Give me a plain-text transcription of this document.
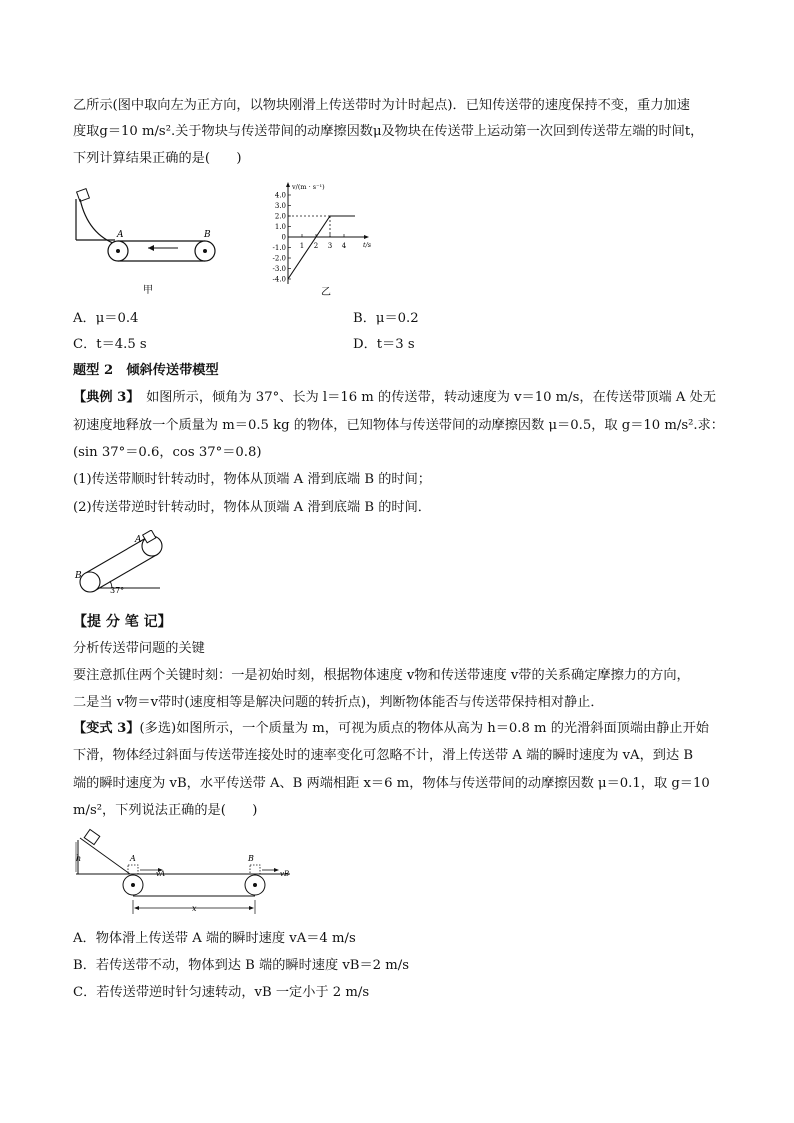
乙所示(图中取向左为正方向，以物块刚滑上传送带时为计时起点)．已知传送带的速度保持不变，重力加速
度取g＝10 m/s².关于物块与传送带间的动摩擦因数μ及物块在传送带上运动第一次回到传送带左端的时间t，
下列计算结果正确的是(　　)
A	B
甲
v/(m · s⁻¹)
t/s
4.0
3.0
2.0
1.0
0
-1.0
-2.0
-3.0
-4.0
1 2 3 4
乙
A．μ＝0.4	B．μ＝0.2
C．t＝4.5 s	D．t＝3 s
题型 2　倾斜传送带模型
【典例 3】　如图所示，倾角为 37°、长为 l＝16 m 的传送带，转动速度为 v＝10 m/s，在传送带顶端 A 处无
初速度地释放一个质量为 m＝0.5 kg 的物体，已知物体与传送带间的动摩擦因数 μ＝0.5，取 g＝10 m/s².求：
(sin 37°＝0.6，cos 37°＝0.8)
(1)传送带顺时针转动时，物体从顶端 A 滑到底端 B 的时间；
(2)传送带逆时针转动时，物体从顶端 A 滑到底端 B 的时间．
A
B
37°
【提 分 笔 记】
分析传送带问题的关键
要注意抓住两个关键时刻：一是初始时刻，根据物体速度 v物和传送带速度 v带的关系确定摩擦力的方向，
二是当 v物＝v带时(速度相等是解决问题的转折点)，判断物体能否与传送带保持相对静止．
【变式 3】(多选)如图所示，一个质量为 m，可视为质点的物体从高为 h＝0.8 m 的光滑斜面顶端由静止开始
下滑，物体经过斜面与传送带连接处时的速率变化可忽略不计，滑上传送带 A 端的瞬时速度为 vA，到达 B
端的瞬时速度为 vB，水平传送带 A、B 两端相距 x＝6 m，物体与传送带间的动摩擦因数 μ＝0.1，取 g＝10
m/s²，下列说法正确的是(　　)
h	A
vA
B
vB
x
A．物体滑上传送带 A 端的瞬时速度 vA＝4 m/s
B．若传送带不动，物体到达 B 端的瞬时速度 vB＝2 m/s
C．若传送带逆时针匀速转动，vB 一定小于 2 m/s
